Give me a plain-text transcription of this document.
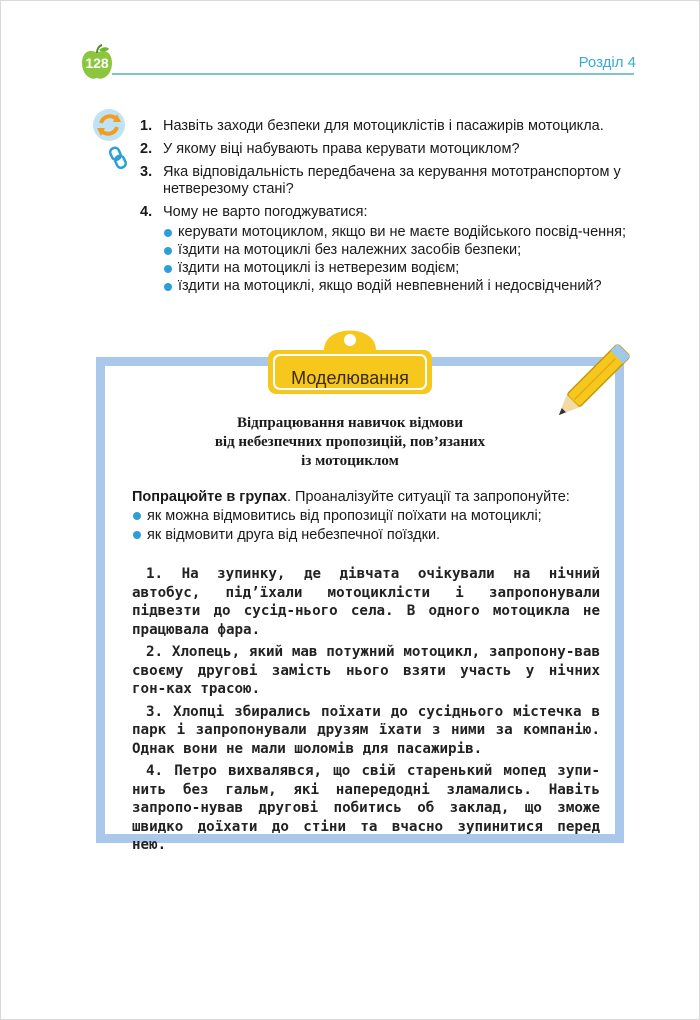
128	Розділ 4
1. Назвіть заходи безпеки для мотоциклістів і пасажирів мотоцикла.
2. У якому віці набувають права керувати мотоциклом?
3. Яка відповідальність передбачена за керування мототранспортом у нетверезому стані?
4. Чому не варто погоджуватися:
керувати мотоциклом, якщо ви не маєте водійського посвід-чення;
їздити на мотоциклі без належних засобів безпеки;
їздити на мотоциклі із нетверезим водієм;
їздити на мотоциклі, якщо водій невпевнений і недосвідчений?
Моделювання
Відпрацювання навичок відмови
від небезпечних пропозицій, пов’язаних
із мотоциклом
Попрацюйте в групах. Проаналізуйте ситуації та запропонуйте:
як можна відмовитись від пропозиції поїхати на мотоциклі;
як відмовити друга від небезпечної поїздки.

1. На зупинку, де дівчата очікували на нічний автобус, під’їхали мотоциклісти і запропонували підвезти до сусід-нього села. В одного мотоцикла не працювала фара.

2. Хлопець, який мав потужний мотоцикл, запропону-вав своєму другові замість нього взяти участь у нічних гон-ках трасою.

3. Хлопці збирались поїхати до сусіднього містечка в парк і запропонували друзям їхати з ними за компанію. Однак вони не мали шоломів для пасажирів.

4. Петро вихвалявся, що свій старенький мопед зупи-нить без гальм, які напередодні зламались. Навіть запропо-нував другові побитись об заклад, що зможе швидко доїхати до стіни та вчасно зупинитися перед нею.
